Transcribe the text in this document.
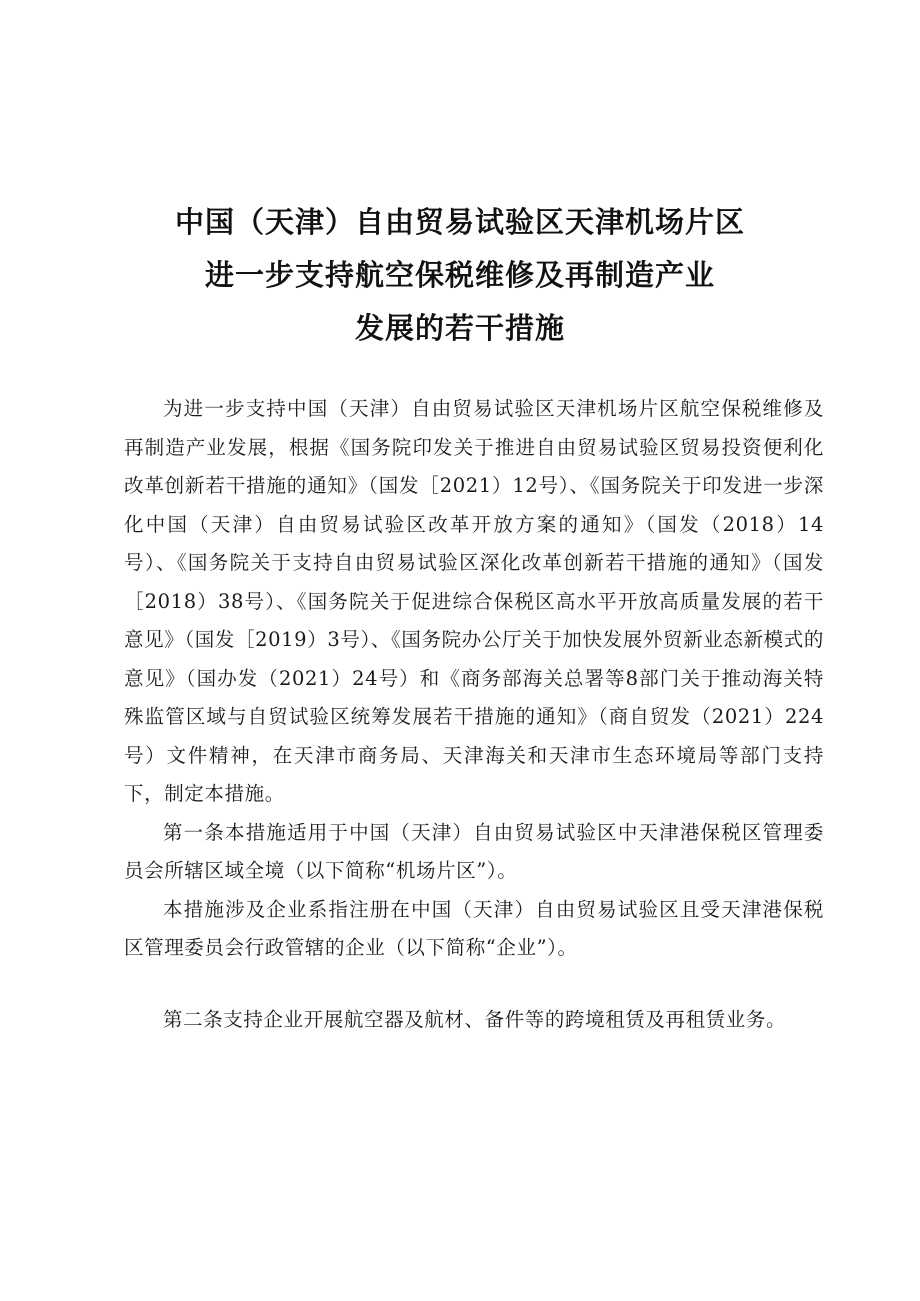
中国（天津）自由贸易试验区天津机场片区
进一步支持航空保税维修及再制造产业
发展的若干措施

为进一步支持中国（天津）自由贸易试验区天津机场片区航空保税维修及再制造产业发展，根据《国务院印发关于推进自由贸易试验区贸易投资便利化改革创新若干措施的通知》（国发［2021）12号）、《国务院关于印发进一步深化中国（天津）自由贸易试验区改革开放方案的通知》（国发（2018）14号）、《国务院关于支持自由贸易试验区深化改革创新若干措施的通知》（国发［2018）38号）、《国务院关于促进综合保税区高水平开放高质量发展的若干意见》（国发［2019）3号）、《国务院办公厅关于加快发展外贸新业态新模式的意见》（国办发（2021）24号）和《商务部海关总署等8部门关于推动海关特殊监管区域与自贸试验区统筹发展若干措施的通知》（商自贸发（2021）224号）文件精神，在天津市商务局、天津海关和天津市生态环境局等部门支持下，制定本措施。

第一条本措施适用于中国（天津）自由贸易试验区中天津港保税区管理委员会所辖区域全境（以下简称“机场片区”）。

本措施涉及企业系指注册在中国（天津）自由贸易试验区且受天津港保税区管理委员会行政管辖的企业（以下简称“企业”）。

第二条支持企业开展航空器及航材、备件等的跨境租赁及再租赁业务。
